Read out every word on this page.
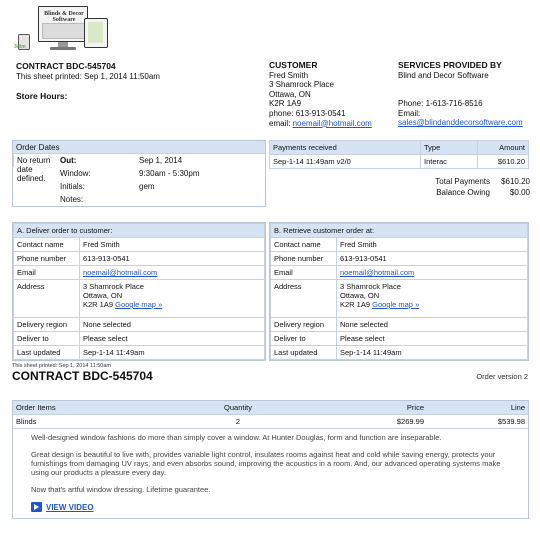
Blinds & Decor
Software
3dim
CONTRACT BDC-545704
This sheet printed: Sep 1, 2014 11:50am
Store Hours:
CUSTOMER
Fred Smith
3 Shamrock Place
Ottawa, ON
K2R 1A9
phone: 613-913-0541
email: noemail@hotmail.com
SERVICES PROVIDED BY
Blind and Decor Software
Phone: 1-613-716-8516
Email:
sales@blindanddecorsoftware.com
Order Dates
Out:	Sep 1, 2014
No return date defined.
Window:	9:30am - 5:30pm
Initials:	gem
Notes:
Payments received	Type	Amount
Sep-1-14 11:49am v2/0	Interac	$610.20
Total Payments $610.20
Balance Owing $0.00
A. Deliver order to customer:	
Contact name	Fred Smith
Phone number	613-913-0541
Email	noemail@hotmail.com
Address	3 Shamrock Place
Ottawa, ON
K2R 1A9 Google map »

Delivery region	None selected
Deliver to	Please select
Last updated	Sep-1-14 11:49am
B. Retrieve customer order at:	
Contact name	Fred Smith
Phone number	613-913-0541
Email	noemail@hotmail.com
Address	3 Shamrock Place
Ottawa, ON
K2R 1A9 Google map »

Delivery region	None selected
Deliver to	Please select
Last updated	Sep-1-14 11:49am
This sheet printed: Sep 1, 2014 11:50am
CONTRACT BDC-545704	Order version 2
Order Items	Quantity	Price	Line
Blinds	2	$269.99	$539.98

Well-designed window fashions do more than simply cover a window. At Hunter Douglas, form and function are inseparable.

Great design is beautiful to live with, provides variable light control, insulates rooms against heat and cold while saving energy, protects your furnishings from damaging UV rays, and even absorbs sound, improving the acoustics in a room. And, our advanced operating systems make using our products a pleasure every day.

Now that's artful window dressing. Lifetime guarantee.

VIEW VIDEO
